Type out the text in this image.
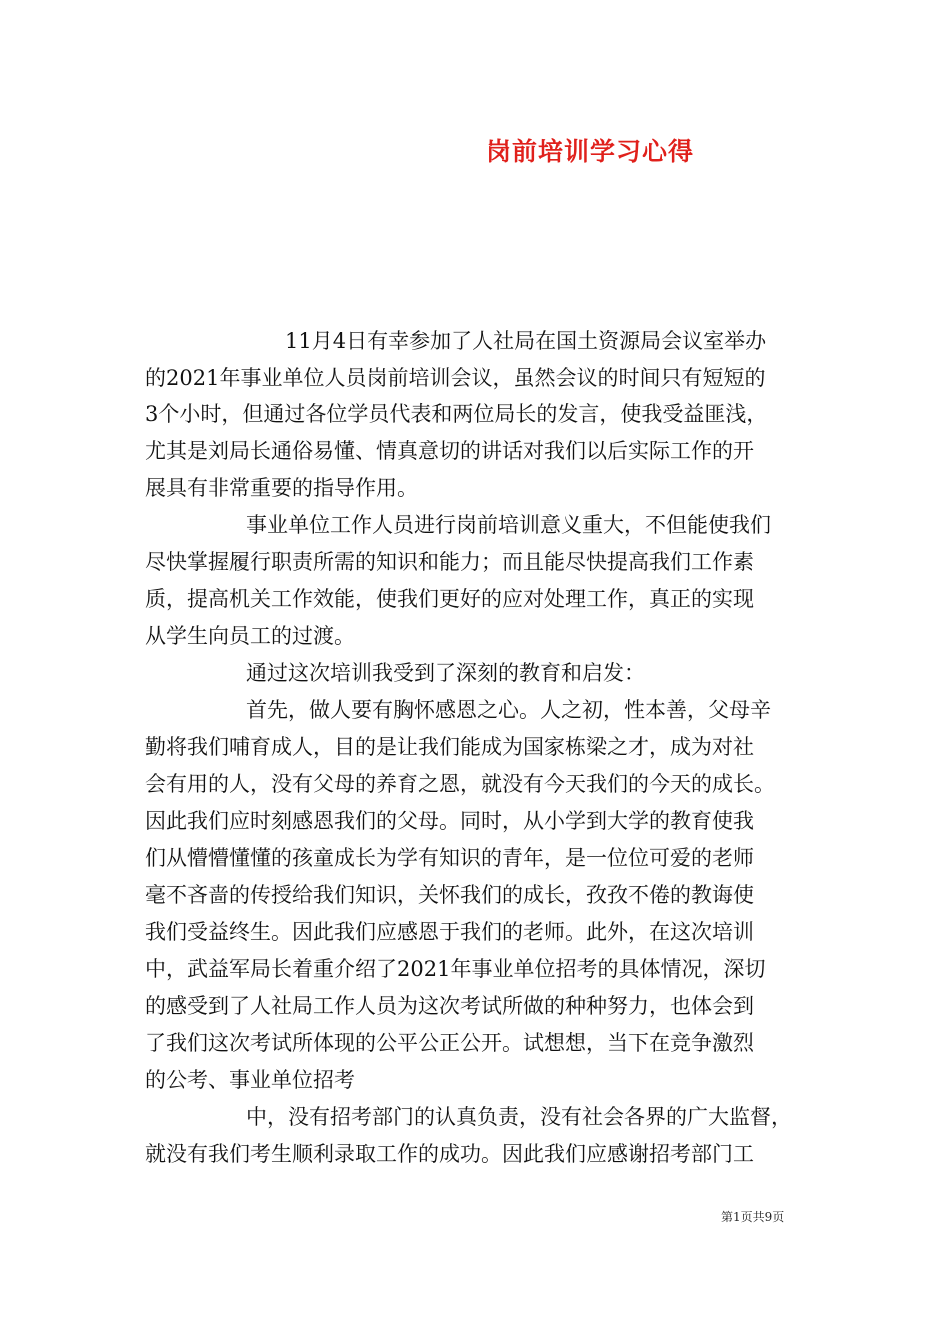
岗前培训学习心得
11月4日有幸参加了人社局在国土资源局会议室举办
的2021年事业单位人员岗前培训会议，虽然会议的时间只有短短的
3个小时，但通过各位学员代表和两位局长的发言，使我受益匪浅，
尤其是刘局长通俗易懂、情真意切的讲话对我们以后实际工作的开
展具有非常重要的指导作用。
事业单位工作人员进行岗前培训意义重大，不但能使我们
尽快掌握履行职责所需的知识和能力；而且能尽快提高我们工作素
质，提高机关工作效能，使我们更好的应对处理工作，真正的实现
从学生向员工的过渡。
通过这次培训我受到了深刻的教育和启发：
首先，做人要有胸怀感恩之心。人之初，性本善，父母辛
勤将我们哺育成人，目的是让我们能成为国家栋梁之才，成为对社
会有用的人，没有父母的养育之恩，就没有今天我们的今天的成长。
因此我们应时刻感恩我们的父母。同时，从小学到大学的教育使我
们从懵懵懂懂的孩童成长为学有知识的青年，是一位位可爱的老师
毫不吝啬的传授给我们知识，关怀我们的成长，孜孜不倦的教诲使
我们受益终生。因此我们应感恩于我们的老师。此外，在这次培训
中，武益军局长着重介绍了2021年事业单位招考的具体情况，深切
的感受到了人社局工作人员为这次考试所做的种种努力，也体会到
了我们这次考试所体现的公平公正公开。试想想，当下在竞争激烈
的公考、事业单位招考
中，没有招考部门的认真负责，没有社会各界的广大监督，
就没有我们考生顺利录取工作的成功。因此我们应感谢招考部门工
第1页共9页
